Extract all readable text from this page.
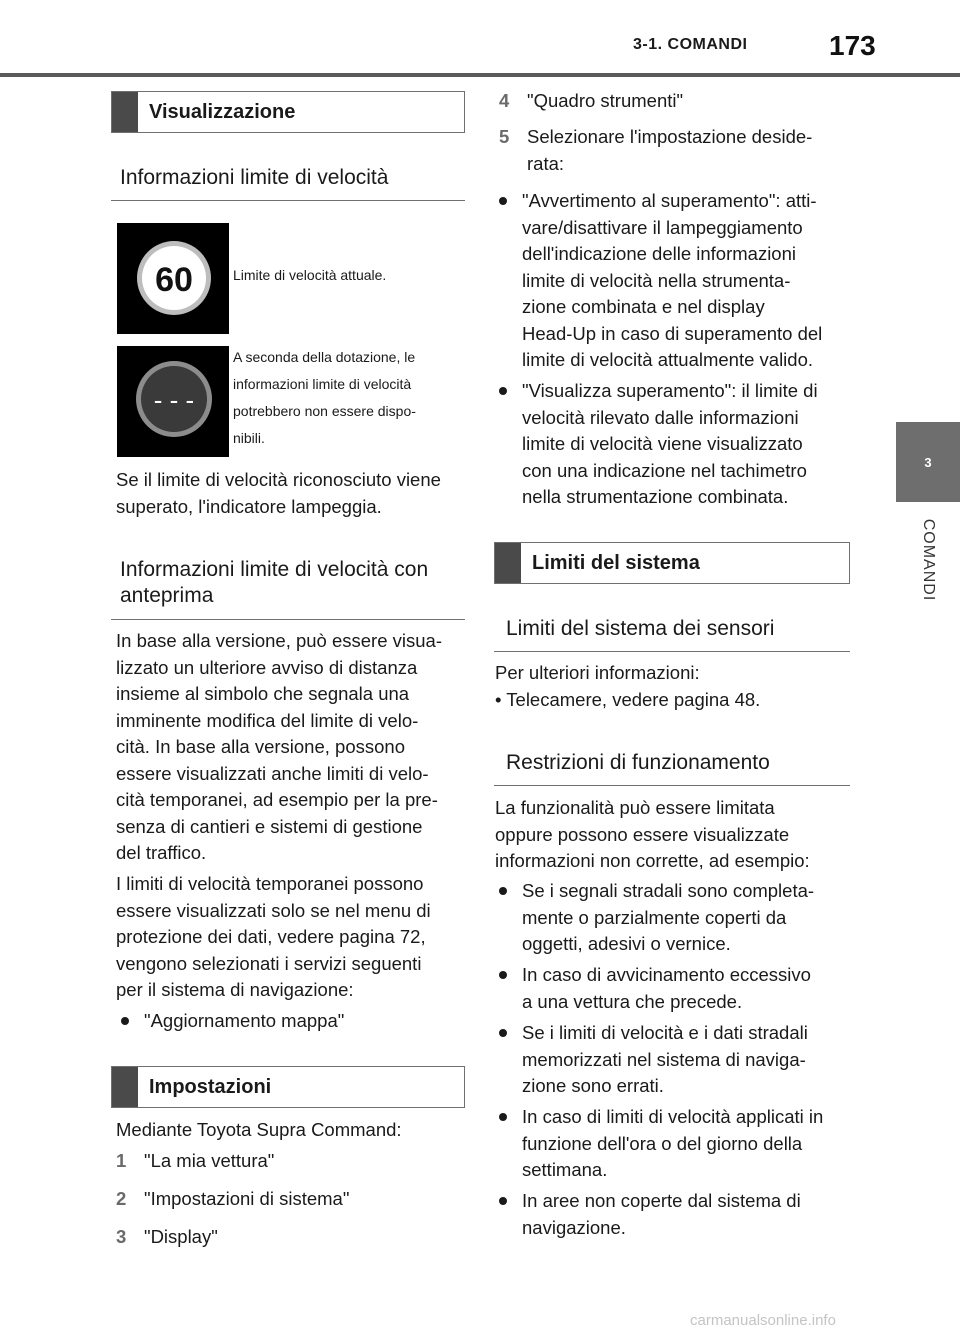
3-1. COMANDI	173
3
COMANDI
Visualizzazione
Informazioni limite di velocità
60	Limite di velocità attuale.
- - -
A seconda della dotazione, le
informazioni limite di velocità
potrebbero non essere dispo-
nibili.
Se il limite di velocità riconosciuto viene
superato, l'indicatore lampeggia.
Informazioni limite di velocità con
anteprima
In base alla versione, può essere visua-
lizzato un ulteriore avviso di distanza
insieme al simbolo che segnala una
imminente modifica del limite di velo-
cità. In base alla versione, possono
essere visualizzati anche limiti di velo-
cità temporanei, ad esempio per la pre-
senza di cantieri e sistemi di gestione
del traffico.
I limiti di velocità temporanei possono
essere visualizzati solo se nel menu di
protezione dei dati, vedere pagina 72,
vengono selezionati i servizi seguenti
per il sistema di navigazione:
"Aggiornamento mappa"
Impostazioni
Mediante Toyota Supra Command:
1 "La mia vettura"
2 "Impostazioni di sistema"
3 "Display"
4 "Quadro strumenti"
5 Selezionare l'impostazione deside-
rata:
"Avvertimento al superamento": atti-
vare/disattivare il lampeggiamento
dell'indicazione delle informazioni
limite di velocità nella strumenta-
zione combinata e nel display
Head-Up in caso di superamento del
limite di velocità attualmente valido.
"Visualizza superamento": il limite di
velocità rilevato dalle informazioni
limite di velocità viene visualizzato
con una indicazione nel tachimetro
nella strumentazione combinata.
Limiti del sistema
Limiti del sistema dei sensori
Per ulteriori informazioni:
• Telecamere, vedere pagina 48.
Restrizioni di funzionamento
La funzionalità può essere limitata
oppure possono essere visualizzate
informazioni non corrette, ad esempio:
Se i segnali stradali sono completa-
mente o parzialmente coperti da
oggetti, adesivi o vernice.
In caso di avvicinamento eccessivo
a una vettura che precede.
Se i limiti di velocità e i dati stradali
memorizzati nel sistema di naviga-
zione sono errati.
In caso di limiti di velocità applicati in
funzione dell'ora o del giorno della
settimana.
In aree non coperte dal sistema di
navigazione.
carmanualsonline.info
